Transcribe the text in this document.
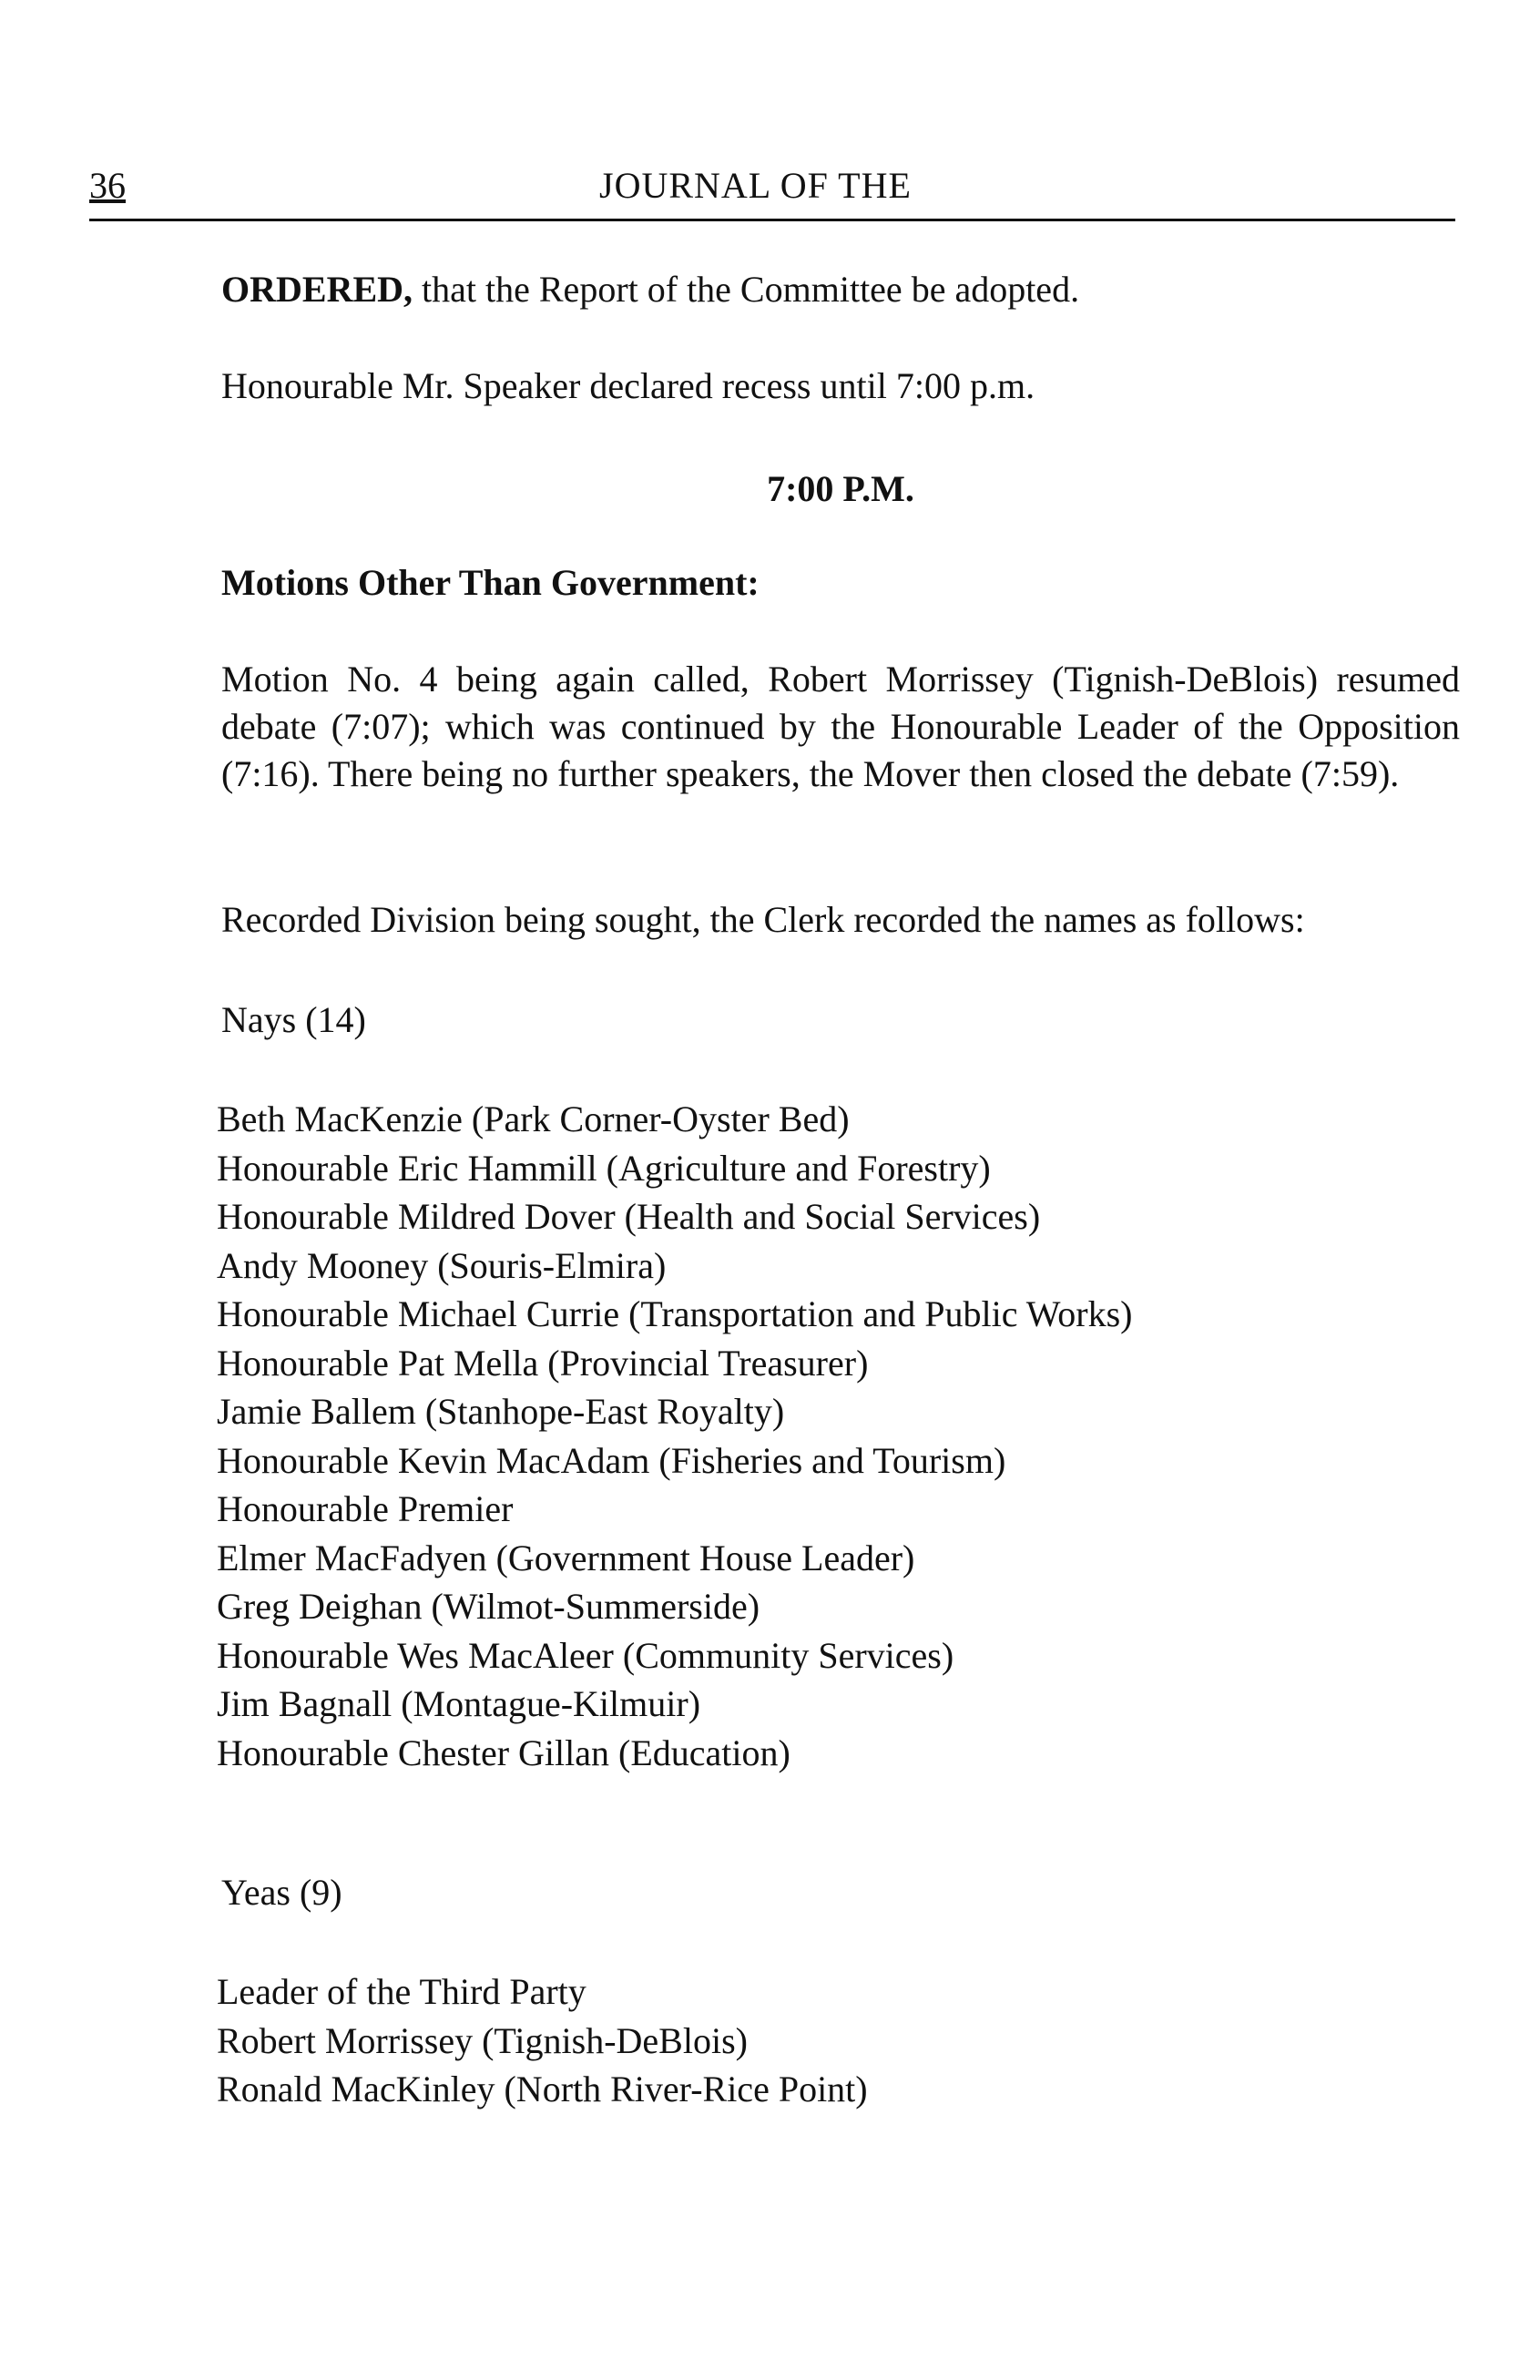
36	JOURNAL OF THE

ORDERED, that the Report of the Committee be adopted.

Honourable Mr. Speaker declared recess until 7:00 p.m.

7:00 P.M.

Motions Other Than Government:

Motion No. 4 being again called, Robert Morrissey (Tignish-DeBlois) resumed debate (7:07); which was continued by the Honourable Leader of the Opposition (7:16). There being no further speakers, the Mover then closed the debate (7:59).

Recorded Division being sought, the Clerk recorded the names as follows:

Nays (14)

Beth MacKenzie (Park Corner-Oyster Bed)
Honourable Eric Hammill (Agriculture and Forestry)
Honourable Mildred Dover (Health and Social Services)
Andy Mooney (Souris-Elmira)
Honourable Michael Currie (Transportation and Public Works)
Honourable Pat Mella (Provincial Treasurer)
Jamie Ballem (Stanhope-East Royalty)
Honourable Kevin MacAdam (Fisheries and Tourism)
Honourable Premier
Elmer MacFadyen (Government House Leader)
Greg Deighan (Wilmot-Summerside)
Honourable Wes MacAleer (Community Services)
Jim Bagnall (Montague-Kilmuir)
Honourable Chester Gillan (Education)

Yeas (9)

Leader of the Third Party
Robert Morrissey (Tignish-DeBlois)
Ronald MacKinley (North River-Rice Point)
